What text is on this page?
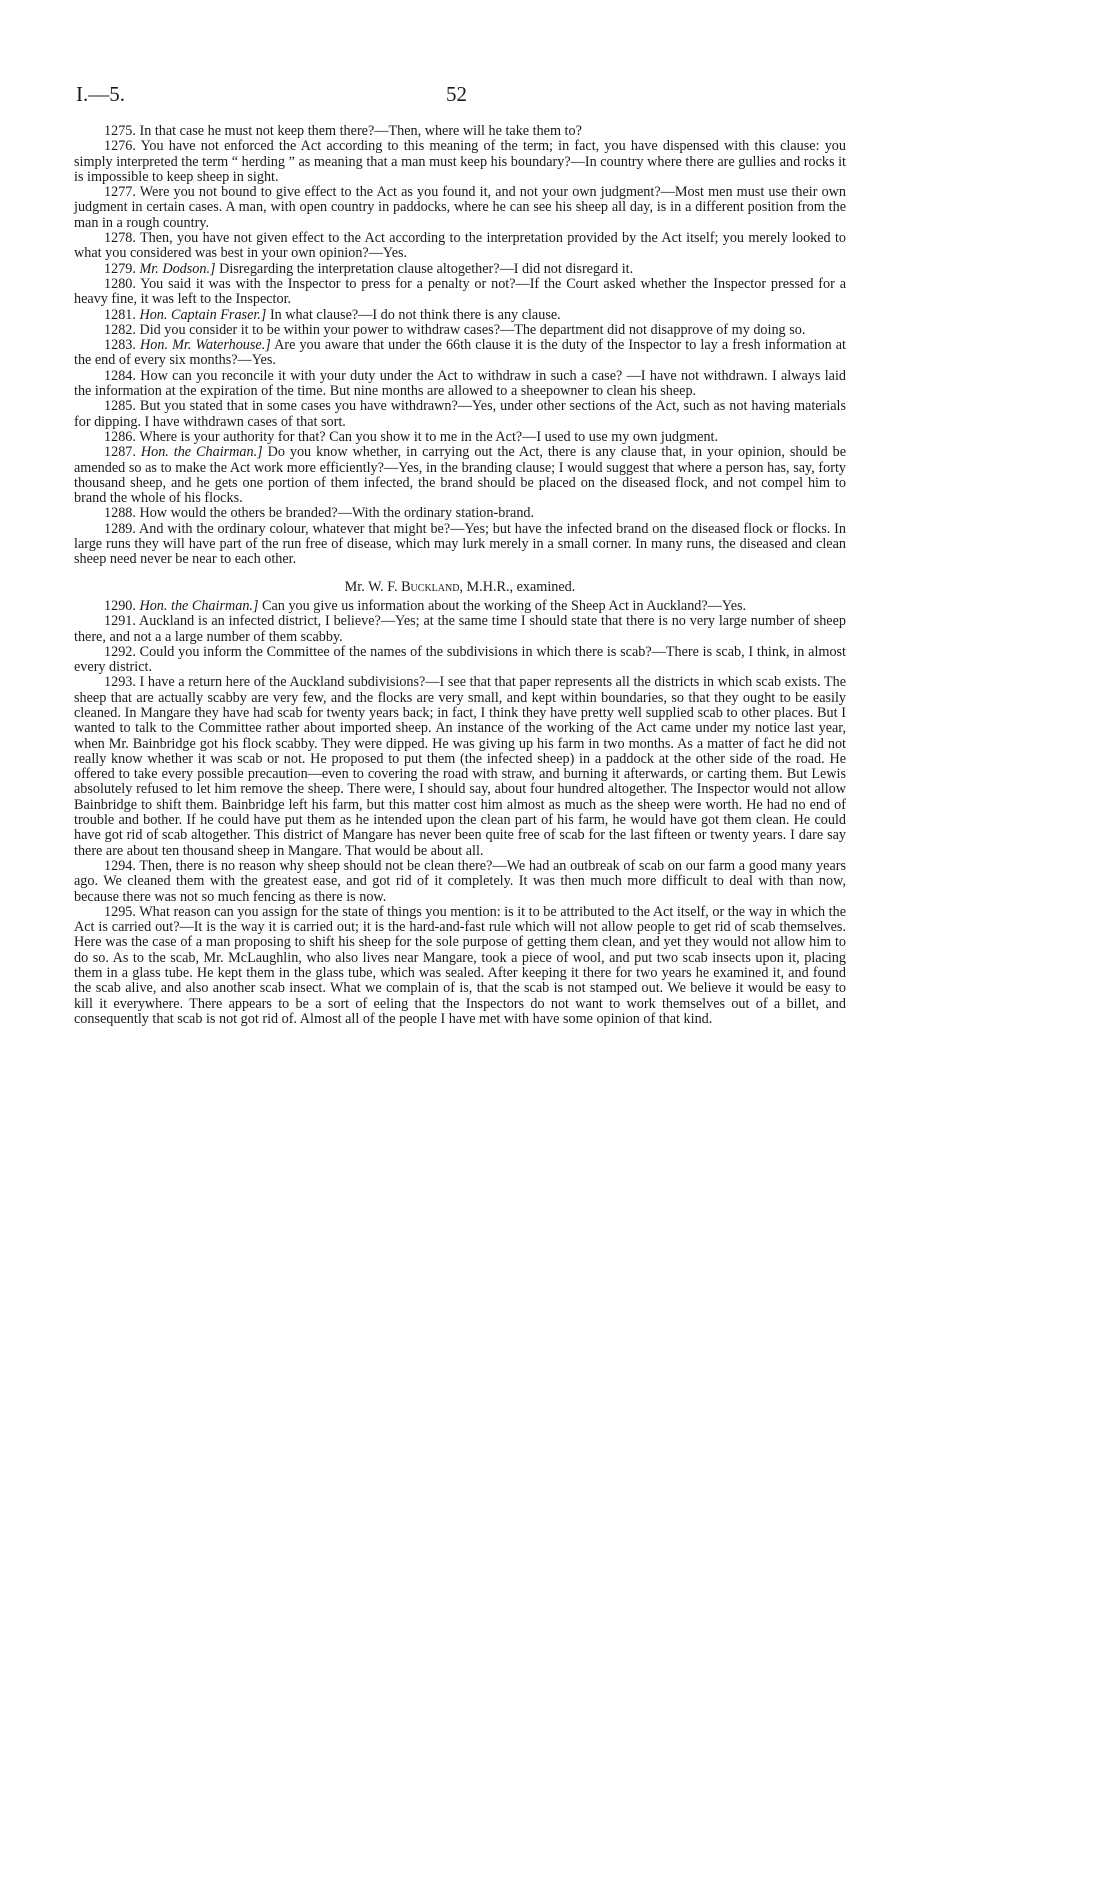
I.—5.	52

1275. In that case he must not keep them there?—Then, where will he take them to?

1276. You have not enforced the Act according to this meaning of the term; in fact, you have dispensed with this clause: you simply interpreted the term “ herding ” as meaning that a man must keep his boundary?—In country where there are gullies and rocks it is impossible to keep sheep in sight.

1277. Were you not bound to give effect to the Act as you found it, and not your own judgment?—Most men must use their own judgment in certain cases. A man, with open country in paddocks, where he can see his sheep all day, is in a different position from the man in a rough country.

1278. Then, you have not given effect to the Act according to the interpretation provided by the Act itself; you merely looked to what you considered was best in your own opinion?—Yes.

1279. Mr. Dodson.] Disregarding the interpretation clause altogether?—I did not disregard it.

1280. You said it was with the Inspector to press for a penalty or not?—If the Court asked whether the Inspector pressed for a heavy fine, it was left to the Inspector.

1281. Hon. Captain Fraser.] In what clause?—I do not think there is any clause.

1282. Did you consider it to be within your power to withdraw cases?—The department did not disapprove of my doing so.

1283. Hon. Mr. Waterhouse.] Are you aware that under the 66th clause it is the duty of the Inspector to lay a fresh information at the end of every six months?—Yes.

1284. How can you reconcile it with your duty under the Act to withdraw in such a case? —I have not withdrawn. I always laid the information at the expiration of the time. But nine months are allowed to a sheepowner to clean his sheep.

1285. But you stated that in some cases you have withdrawn?—Yes, under other sections of the Act, such as not having materials for dipping. I have withdrawn cases of that sort.

1286. Where is your authority for that? Can you show it to me in the Act?—I used to use my own judgment.

1287. Hon. the Chairman.] Do you know whether, in carrying out the Act, there is any clause that, in your opinion, should be amended so as to make the Act work more efficiently?—Yes, in the branding clause; I would suggest that where a person has, say, forty thousand sheep, and he gets one portion of them infected, the brand should be placed on the diseased flock, and not compel him to brand the whole of his flocks.

1288. How would the others be branded?—With the ordinary station-brand.

1289. And with the ordinary colour, whatever that might be?—Yes; but have the infected brand on the diseased flock or flocks. In large runs they will have part of the run free of disease, which may lurk merely in a small corner. In many runs, the diseased and clean sheep need never be near to each other.

Mr. W. F. Buckland, M.H.R., examined.

1290. Hon. the Chairman.] Can you give us information about the working of the Sheep Act in Auckland?—Yes.

1291. Auckland is an infected district, I believe?—Yes; at the same time I should state that there is no very large number of sheep there, and not a a large number of them scabby.

1292. Could you inform the Committee of the names of the subdivisions in which there is scab?—There is scab, I think, in almost every district.

1293. I have a return here of the Auckland subdivisions?—I see that that paper represents all the districts in which scab exists. The sheep that are actually scabby are very few, and the flocks are very small, and kept within boundaries, so that they ought to be easily cleaned. In Mangare they have had scab for twenty years back; in fact, I think they have pretty well supplied scab to other places. But I wanted to talk to the Committee rather about imported sheep. An instance of the working of the Act came under my notice last year, when Mr. Bainbridge got his flock scabby. They were dipped. He was giving up his farm in two months. As a matter of fact he did not really know whether it was scab or not. He proposed to put them (the infected sheep) in a paddock at the other side of the road. He offered to take every possible precaution—even to covering the road with straw, and burning it afterwards, or carting them. But Lewis absolutely refused to let him remove the sheep. There were, I should say, about four hundred altogether. The Inspector would not allow Bainbridge to shift them. Bainbridge left his farm, but this matter cost him almost as much as the sheep were worth. He had no end of trouble and bother. If he could have put them as he intended upon the clean part of his farm, he would have got them clean. He could have got rid of scab altogether. This district of Mangare has never been quite free of scab for the last fifteen or twenty years. I dare say there are about ten thousand sheep in Mangare. That would be about all.

1294. Then, there is no reason why sheep should not be clean there?—We had an outbreak of scab on our farm a good many years ago. We cleaned them with the greatest ease, and got rid of it completely. It was then much more difficult to deal with than now, because there was not so much fencing as there is now.

1295. What reason can you assign for the state of things you mention: is it to be attributed to the Act itself, or the way in which the Act is carried out?—It is the way it is carried out; it is the hard-and-fast rule which will not allow people to get rid of scab themselves. Here was the case of a man proposing to shift his sheep for the sole purpose of getting them clean, and yet they would not allow him to do so. As to the scab, Mr. McLaughlin, who also lives near Mangare, took a piece of wool, and put two scab insects upon it, placing them in a glass tube. He kept them in the glass tube, which was sealed. After keeping it there for two years he examined it, and found the scab alive, and also another scab insect. What we complain of is, that the scab is not stamped out. We believe it would be easy to kill it everywhere. There appears to be a sort of eeling that the Inspectors do not want to work themselves out of a billet, and consequently that scab is not got rid of. Almost all of the people I have met with have some opinion of that kind.
